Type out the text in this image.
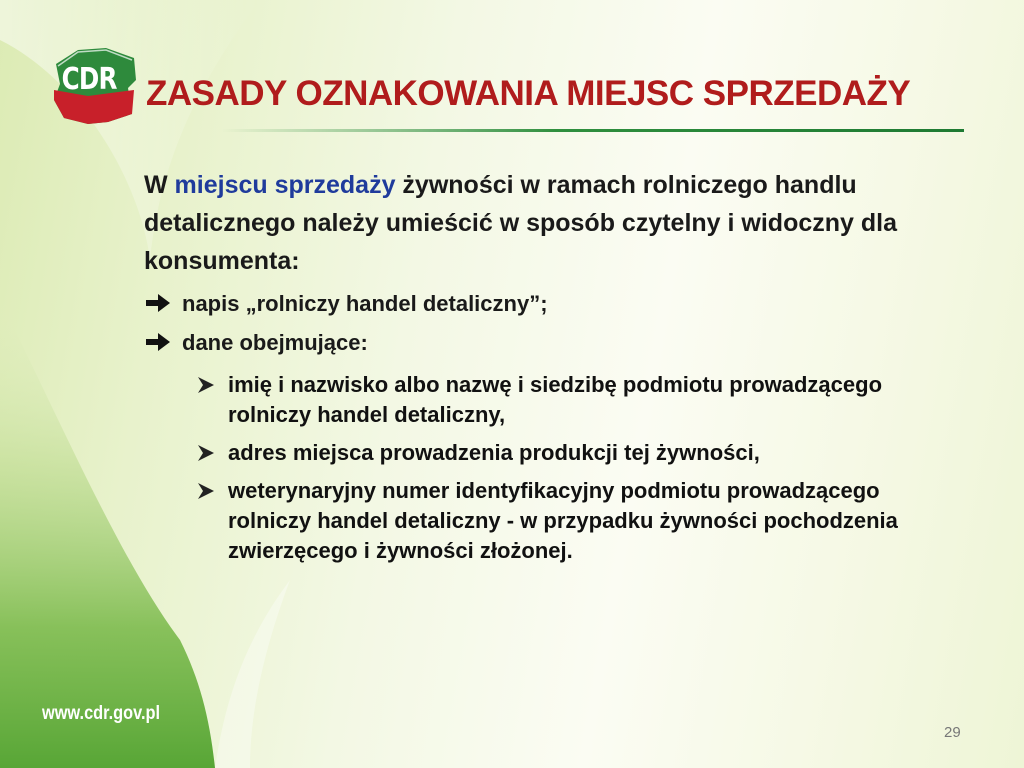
CDR ZASADY OZNAKOWANIA MIEJSC SPRZEDAŻY

W miejscu sprzedaży żywności w ramach rolniczego handlu detalicznego należy umieścić w sposób czytelny i widoczny dla konsumenta:

napis „rolniczy handel detaliczny”;
dane obejmujące:
imię i nazwisko albo nazwę i siedzibę podmiotu prowadzącego rolniczy handel detaliczny,
adres miejsca prowadzenia produkcji tej żywności,
weterynaryjny numer identyfikacyjny podmiotu prowadzącego rolniczy handel detaliczny - w przypadku żywności pochodzenia zwierzęcego i żywności złożonej.
www.cdr.gov.pl
29
